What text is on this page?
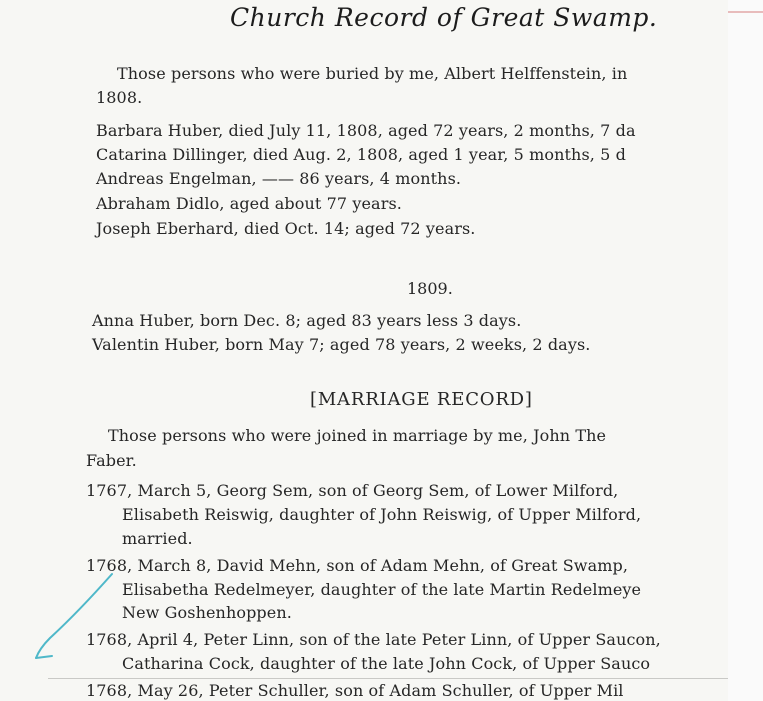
Church Record of Great Swamp.
Those persons who were buried by me, Albert Helffenstein, in
1808.
Barbara Huber, died July 11, 1808, aged 72 years, 2 months, 7 da
Catarina Dillinger, died Aug. 2, 1808, aged 1 year, 5 months, 5 d
Andreas Engelman, —— 86 years, 4 months.
Abraham Didlo, aged about 77 years.
Joseph Eberhard, died Oct. 14; aged 72 years.
1809.
Anna Huber, born Dec. 8; aged 83 years less 3 days.
Valentin Huber, born May 7; aged 78 years, 2 weeks, 2 days.
[MARRIAGE RECORD]
Those persons who were joined in marriage by me, John The
Faber.
1767, March 5, Georg Sem, son of Georg Sem, of Lower Milford,
Elisabeth Reiswig, daughter of John Reiswig, of Upper Milford,
married.
1768, March 8, David Mehn, son of Adam Mehn, of Great Swamp,
Elisabetha Redelmeyer, daughter of the late Martin Redelmeye
New Goshenhoppen.
1768, April 4, Peter Linn, son of the late Peter Linn, of Upper Saucon,
Catharina Cock, daughter of the late John Cock, of Upper Sauco
1768, May 26, Peter Schuller, son of Adam Schuller, of Upper Mil
